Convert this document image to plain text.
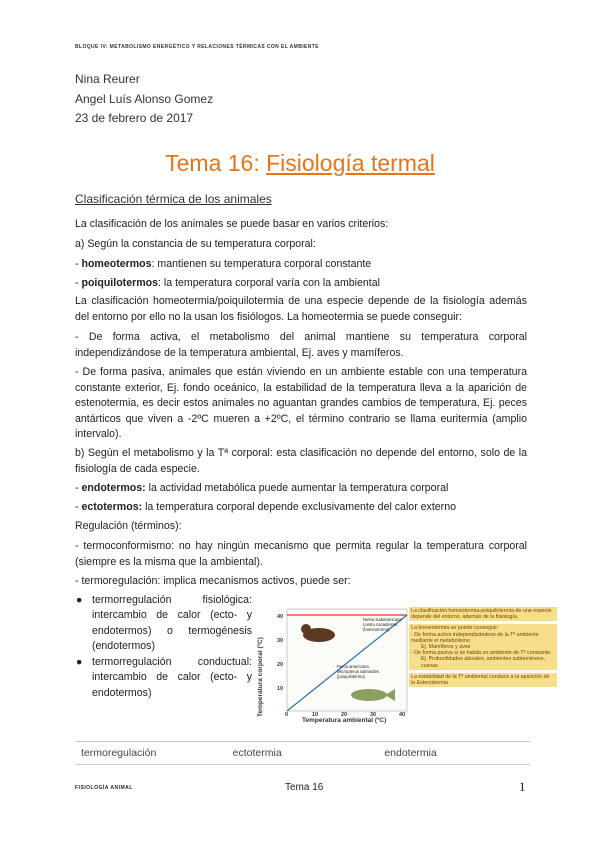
BLOQUE IV: METABOLISMO ENERGÉTICO Y RELACIONES TÉRMICAS CON EL AMBIENTE
Nina Reurer
Angel Luís Alonso Gomez
23 de febrero de 2017
Tema 16: Fisiología termal
Clasificación térmica de los animales
La clasificación de los animales se puede basar en varios criterios:
a) Según la constancia de su temperatura corporal:
- homeotermos: mantienen su temperatura corporal constante
- poiquilotermos: la temperatura corporal varía con la ambiental
La clasificación homeotermia/poiquilotermia de una especie depende de la fisiología además del entorno por ello no la usan los fisiólogos. La homeotermia se puede conseguir:
- De forma activa, el metabolismo del animal mantiene su temperatura corporal independizándose de la temperatura ambiental, Ej. aves y mamíferos.
- De forma pasiva, animales que están viviendo en un ambiente estable con una temperatura constante exterior, Ej. fondo oceánico, la estabilidad de la temperatura lleva a la aparición de estenotermia, es decir estos animales no aguantan grandes cambios de temperatura, Ej. peces antárticos que viven a -2ºC mueren a +2ºC, el término contrario se llama euritermia (amplio intervalo).
b) Según el metabolismo y la Tª corporal: esta clasificación no depende del entorno, solo de la fisiología de cada especie.
- endotermos: la actividad metabólica puede aumentar la temperatura corporal
- ectotermos: la temperatura corporal depende exclusivamente del calor externo
Regulación (términos):
- termoconformismo: no hay ningún mecanismo que permita regular la temperatura corporal (siempre es la misma que la ambiental).
- termoregulación: implica mecanismos activos, puede ser:
● termorregulación fisiológica: intercambio de calor (ecto- y endotermos) o termogénesis (endotermos)
● termorregulación conductual: intercambio de calor (ecto- y endotermos)	Temperatura corporal (ºC)
Temperatura ambiental (ºC)
40
30
20
10
0	10	20	30	40
Nutria sudamericana
Lontra canadensis
(homeotermo)
Perca americana
Micropterus salmoides
(poiquilotermo)
La clasificación homeotermia-poiquilotermia de una especie depende del entorno, además de la fisiología.
La homeotermia se puede conseguir:
- De forma activa independizándose de la Tª ambiente mediante el metabolismo
Ej. Mamíferos y aves
- De forma pasiva si se habita un ambiente de Tª constante.
Ej. Profundidades abisales, ambientes subterráneos, cuevas
La estabilidad de la Tª ambiental conduce a la aparición de la Estenotermia
termoregulación	ectotermia	endotermia
FISIOLOGÍA ANIMAL	Tema 16	1
